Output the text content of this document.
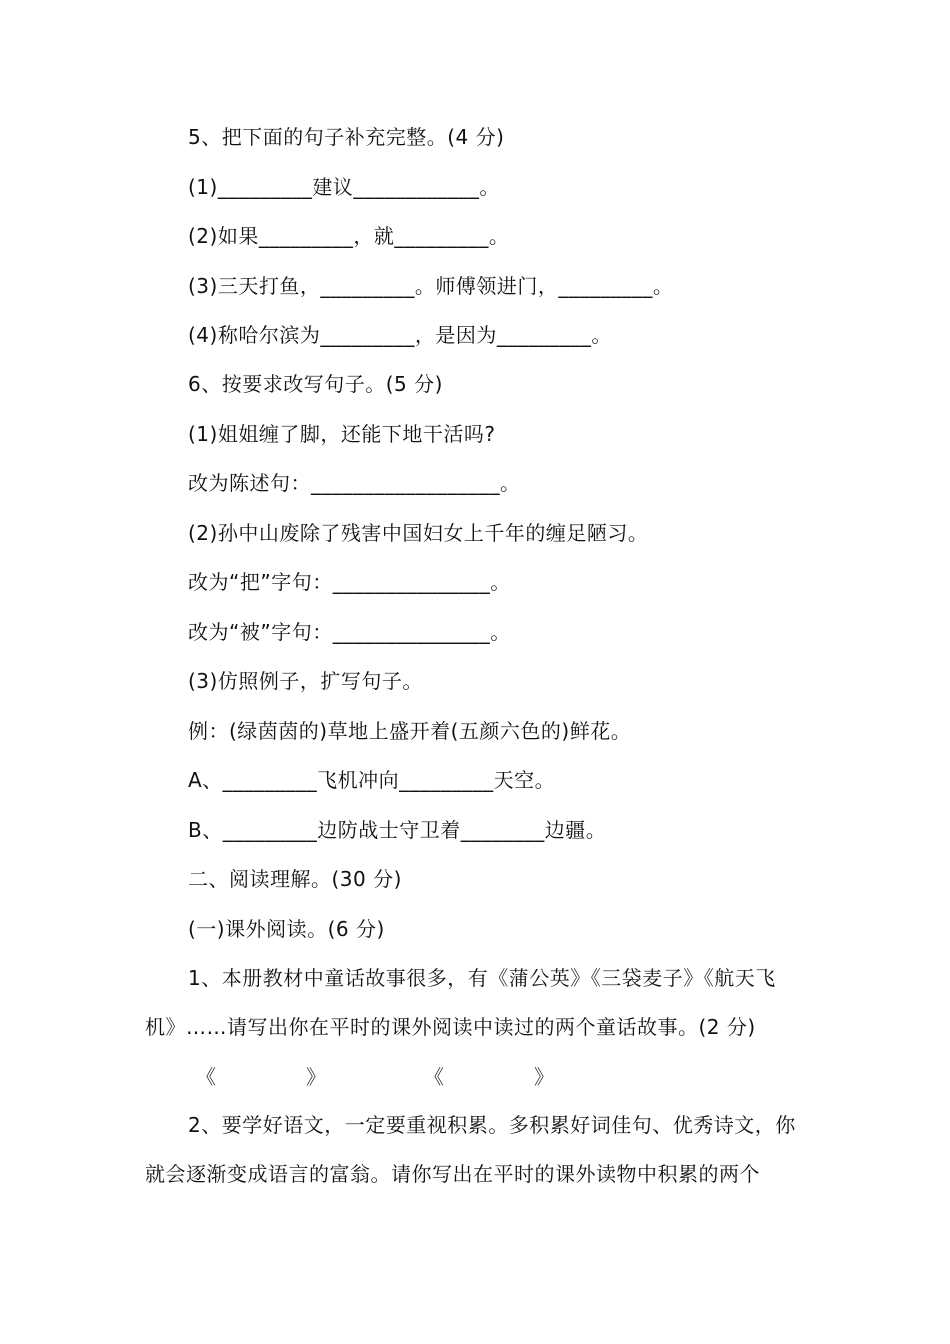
5、把下面的句子补充完整。(4 分)
(1)_________建议____________。
(2)如果_________，就_________。
(3)三天打鱼，_________。师傅领进门，_________。
(4)称哈尔滨为_________，是因为_________。
6、按要求改写句子。(5 分)
(1)姐姐缠了脚，还能下地干活吗?
改为陈述句：__________________。
(2)孙中山废除了残害中国妇女上千年的缠足陋习。
改为“把”字句：_______________。
改为“被”字句：_______________。
(3)仿照例子，扩写句子。
例：(绿茵茵的)草地上盛开着(五颜六色的)鲜花。
A、_________飞机冲向_________天空。
B、_________边防战士守卫着________边疆。
二、阅读理解。(30 分)
(一)课外阅读。(6 分)
1、本册教材中童话故事很多，有《蒲公英》《三袋麦子》《航天飞
机》……请写出你在平时的课外阅读中读过的两个童话故事。(2 分)
《	》	《	》
2、要学好语文，一定要重视积累。多积累好词佳句、优秀诗文，你
就会逐渐变成语言的富翁。请你写出在平时的课外读物中积累的两个
